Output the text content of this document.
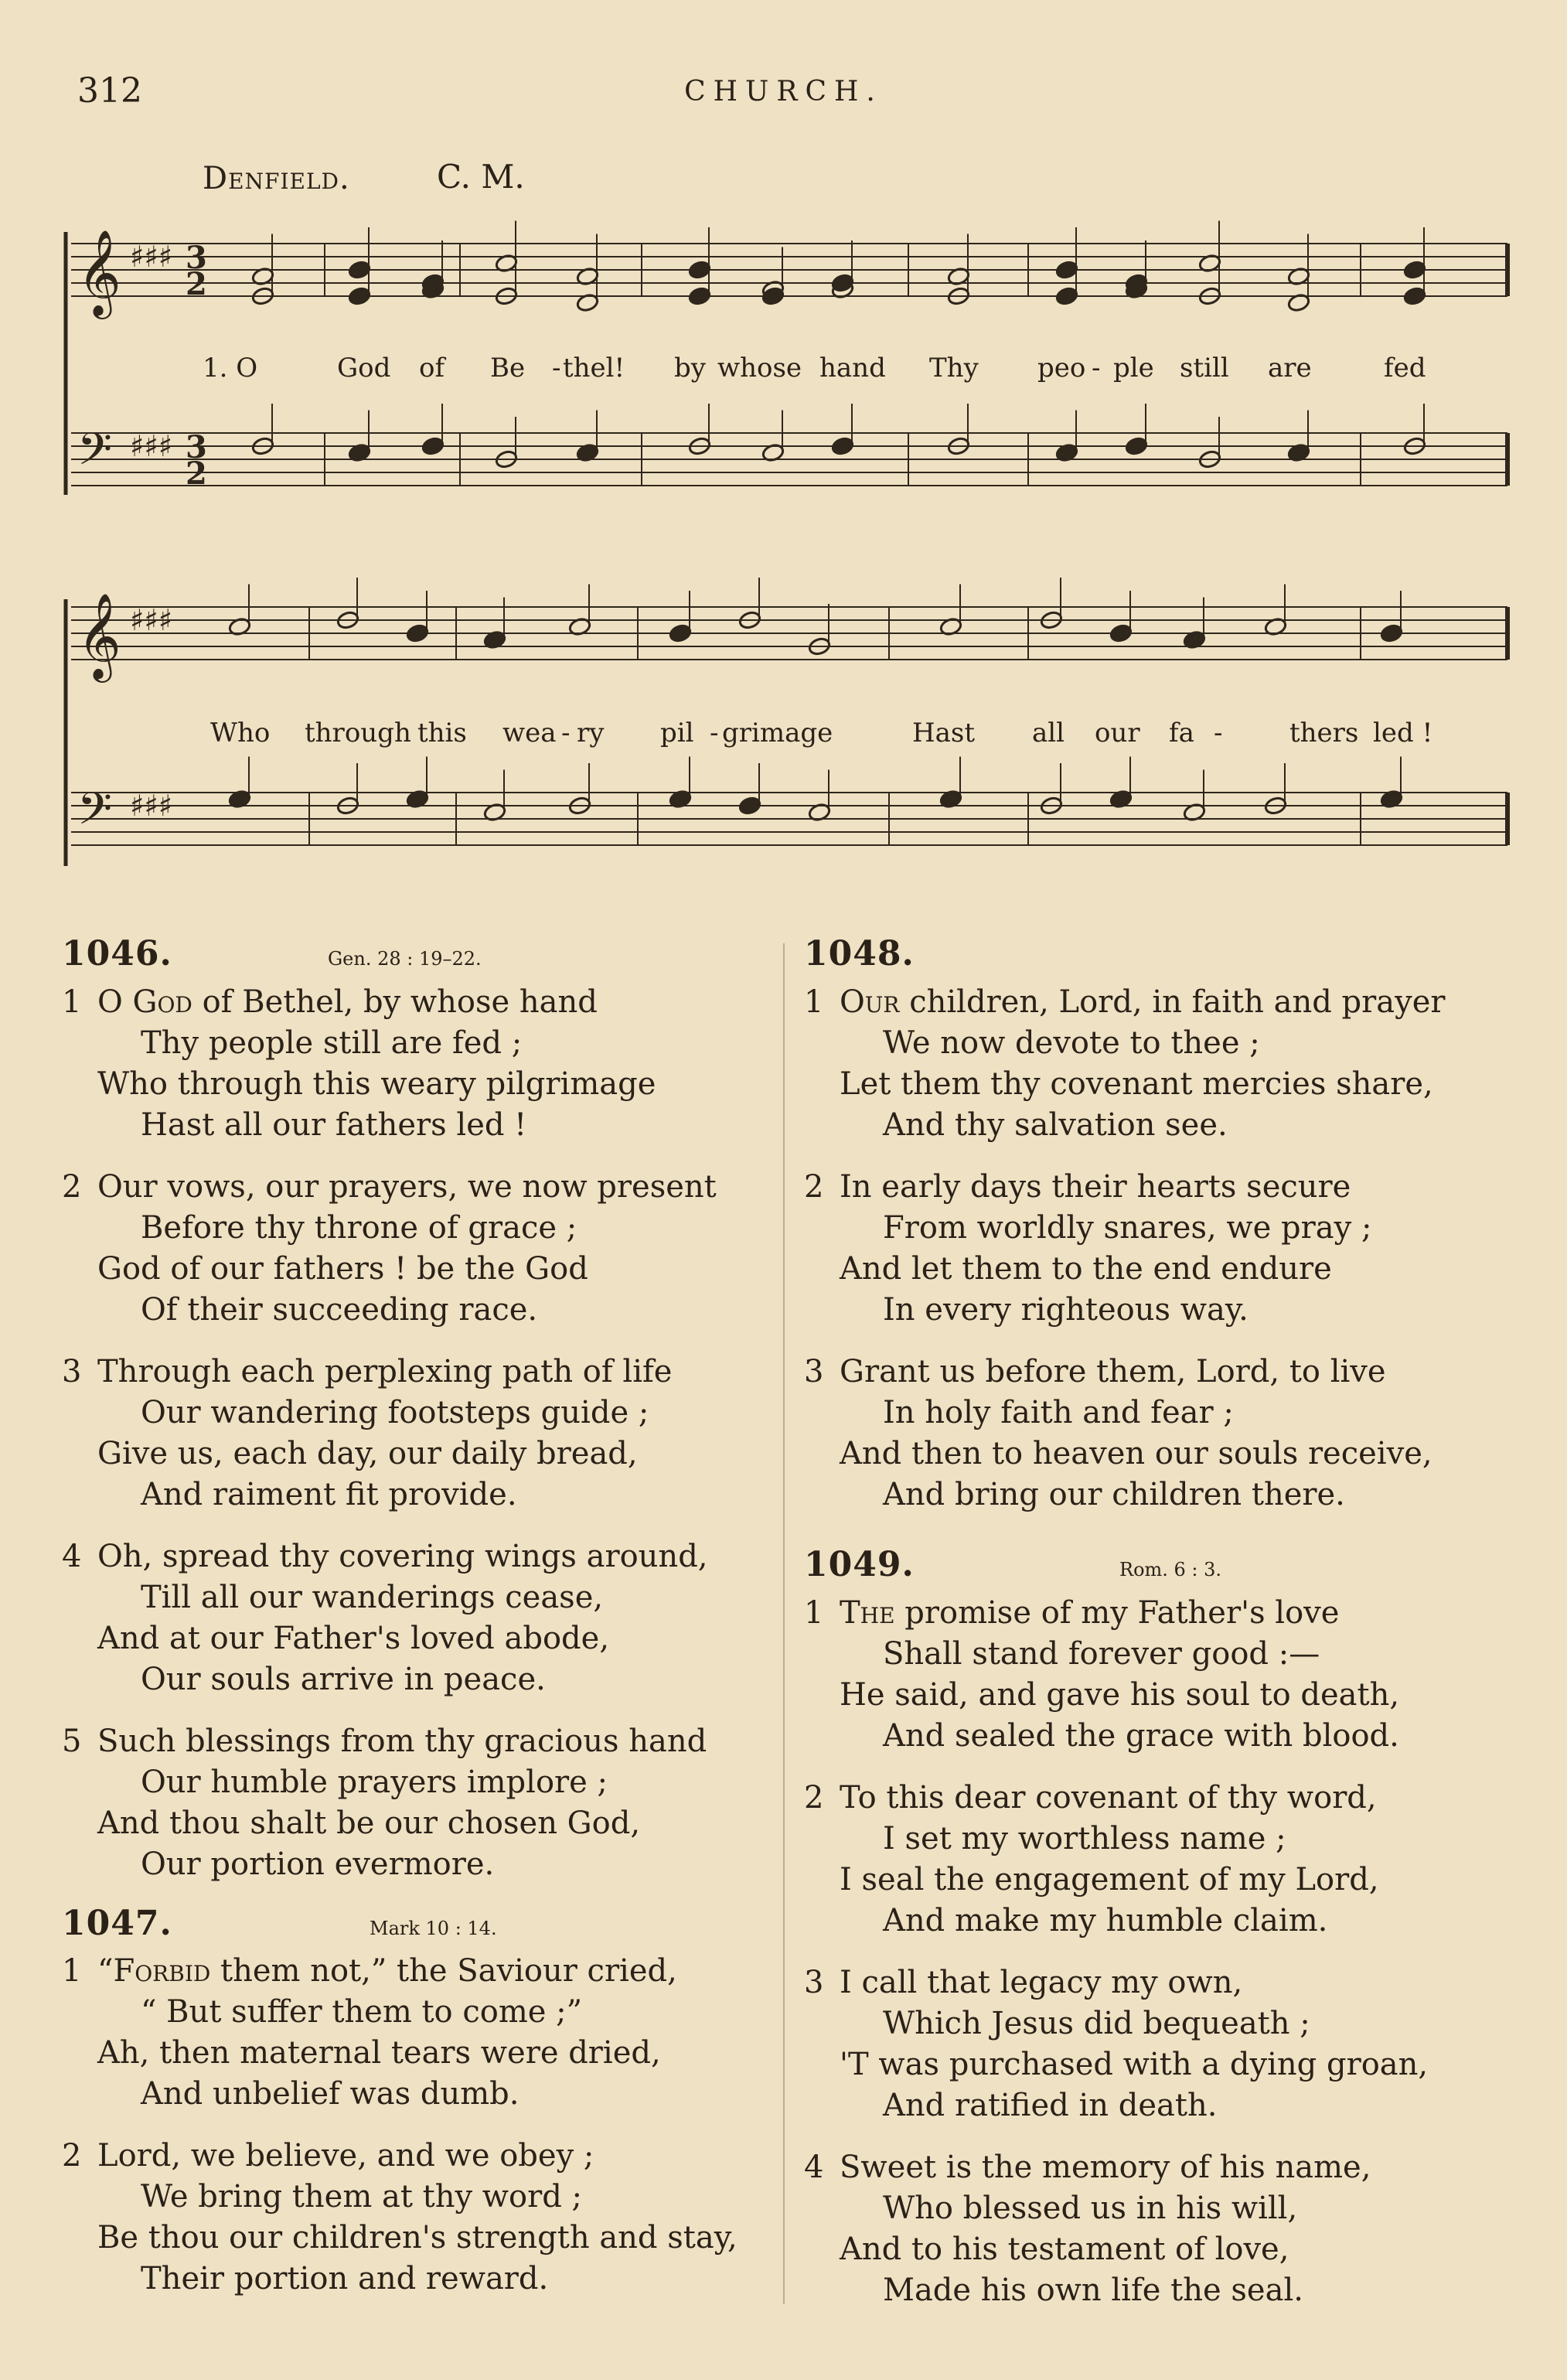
312	CHURCH.
Denfield.	C. M.
𝄞 ♯♯♯ 3
2
𝄢 ♯♯♯ 3
2
𝄞 ♯♯♯
𝄢 ♯♯♯
1. O	God of Be - thel! by whose hand Thy peo - ple still are	fed
Who through this wea - ry pil - grimage	Hast all our fa -	thers led !
1046.	Gen. 28 : 19–22.
1 O God of Bethel, by whose hand
Thy people still are fed ;
Who through this weary pilgrimage
Hast all our fathers led !
2 Our vows, our prayers, we now present
Before thy throne of grace ;
God of our fathers ! be the God
Of their succeeding race.
3 Through each perplexing path of life
Our wandering footsteps guide ;
Give us, each day, our daily bread,
And raiment fit provide.
4 Oh, spread thy covering wings around,
Till all our wanderings cease,
And at our Father's loved abode,
Our souls arrive in peace.
5 Such blessings from thy gracious hand
Our humble prayers implore ;
And thou shalt be our chosen God,
Our portion evermore.
1047.	Mark 10 : 14.
1 “Forbid them not,” the Saviour cried,
“ But suffer them to come ;”
Ah, then maternal tears were dried,
And unbelief was dumb.
2 Lord, we believe, and we obey ;
We bring them at thy word ;
Be thou our children's strength and stay,
Their portion and reward.
1048.
1 Our children, Lord, in faith and prayer
We now devote to thee ;
Let them thy covenant mercies share,
And thy salvation see.
2 In early days their hearts secure
From worldly snares, we pray ;
And let them to the end endure
In every righteous way.
3 Grant us before them, Lord, to live
In holy faith and fear ;
And then to heaven our souls receive,
And bring our children there.
1049.	Rom. 6 : 3.
1 The promise of my Father's love
Shall stand forever good :—
He said, and gave his soul to death,
And sealed the grace with blood.
2 To this dear covenant of thy word,
I set my worthless name ;
I seal the engagement of my Lord,
And make my humble claim.
3 I call that legacy my own,
Which Jesus did bequeath ;
'T was purchased with a dying groan,
And ratified in death.
4 Sweet is the memory of his name,
Who blessed us in his will,
And to his testament of love,
Made his own life the seal.
